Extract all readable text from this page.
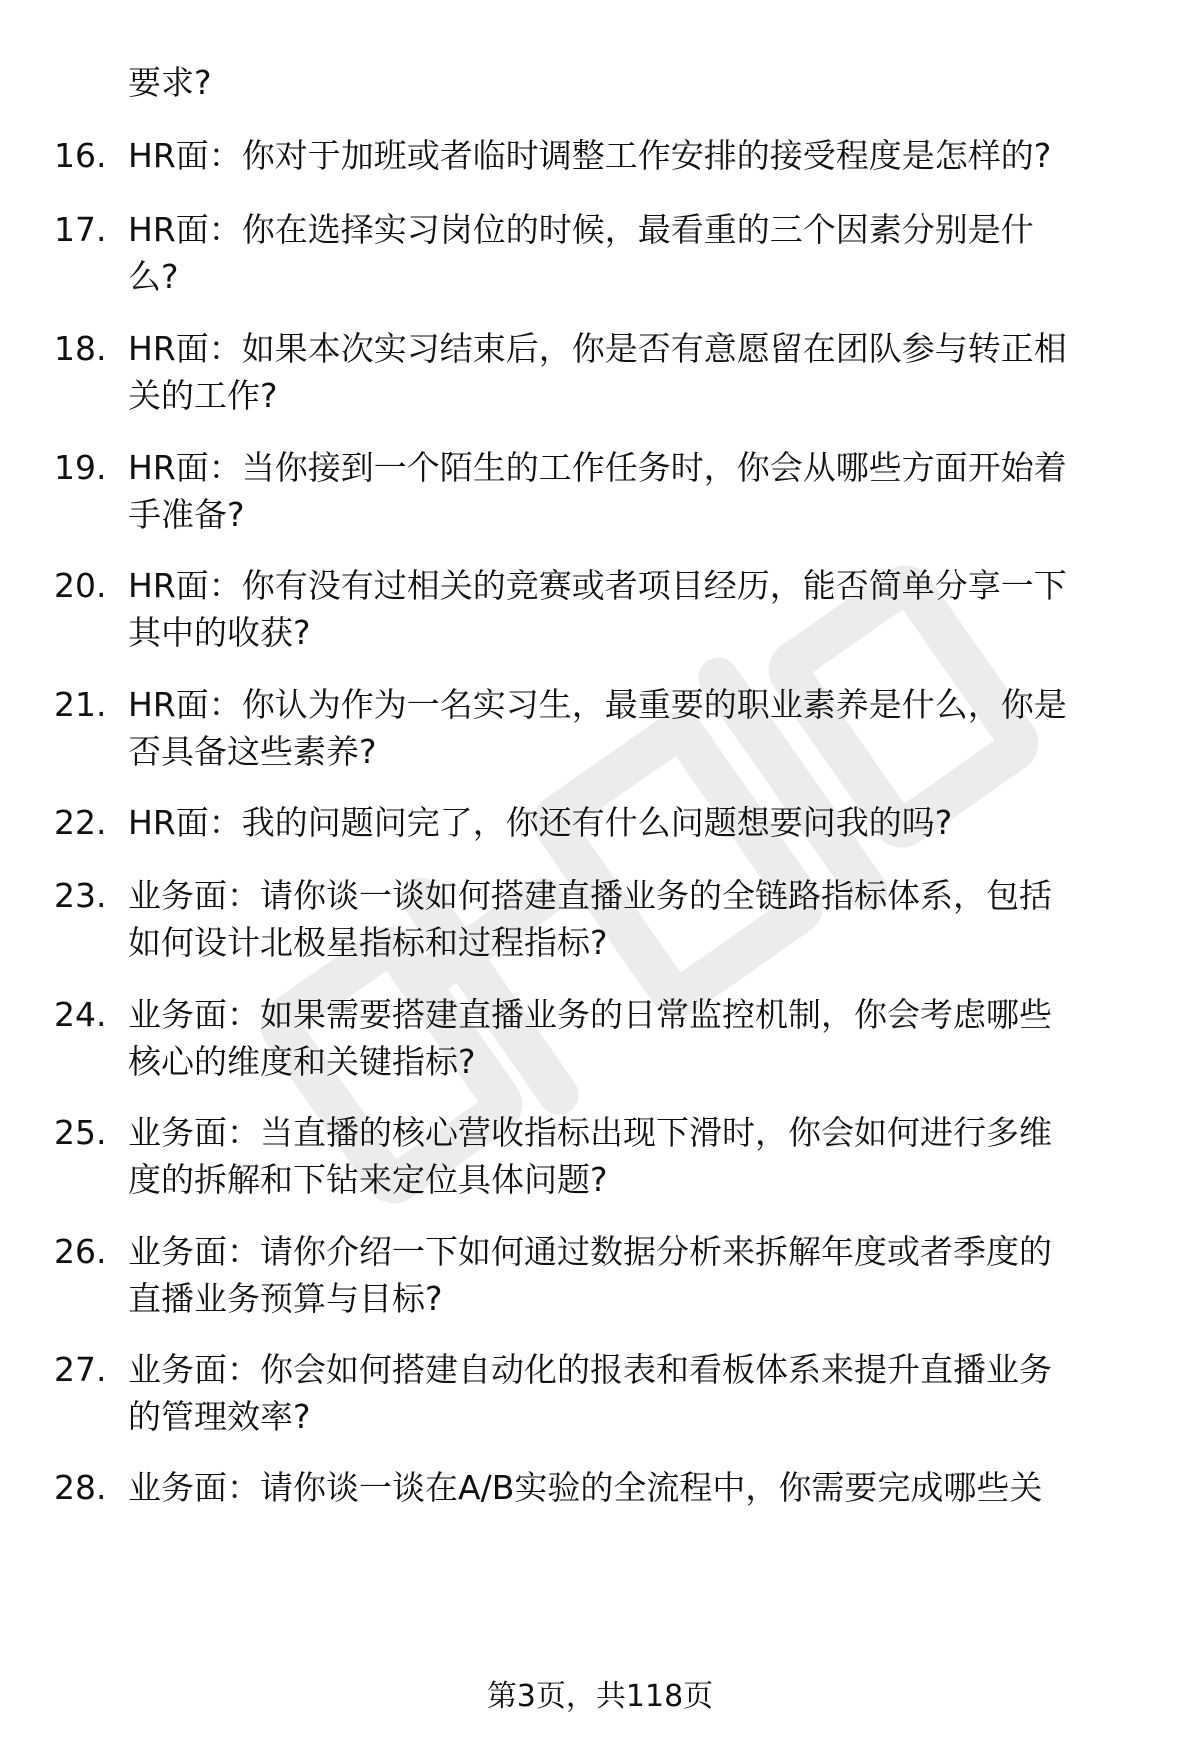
要求?
16. HR面：你对于加班或者临时调整工作安排的接受程度是怎样的?
17. HR面：你在选择实习岗位的时候，最看重的三个因素分别是什
么?
18. HR面：如果本次实习结束后，你是否有意愿留在团队参与转正相
关的工作?
19. HR面：当你接到一个陌生的工作任务时，你会从哪些方面开始着
手准备?
20. HR面：你有没有过相关的竞赛或者项目经历，能否简单分享一下
其中的收获?
21. HR面：你认为作为一名实习生，最重要的职业素养是什么，你是
否具备这些素养?
22. HR面：我的问题问完了，你还有什么问题想要问我的吗?
23. 业务面：请你谈一谈如何搭建直播业务的全链路指标体系，包括
如何设计北极星指标和过程指标?
24. 业务面：如果需要搭建直播业务的日常监控机制，你会考虑哪些
核心的维度和关键指标?
25. 业务面：当直播的核心营收指标出现下滑时，你会如何进行多维
度的拆解和下钻来定位具体问题?
26. 业务面：请你介绍一下如何通过数据分析来拆解年度或者季度的
直播业务预算与目标?
27. 业务面：你会如何搭建自动化的报表和看板体系来提升直播业务
的管理效率?
28. 业务面：请你谈一谈在A/B实验的全流程中，你需要完成哪些关
第3页，共118页
